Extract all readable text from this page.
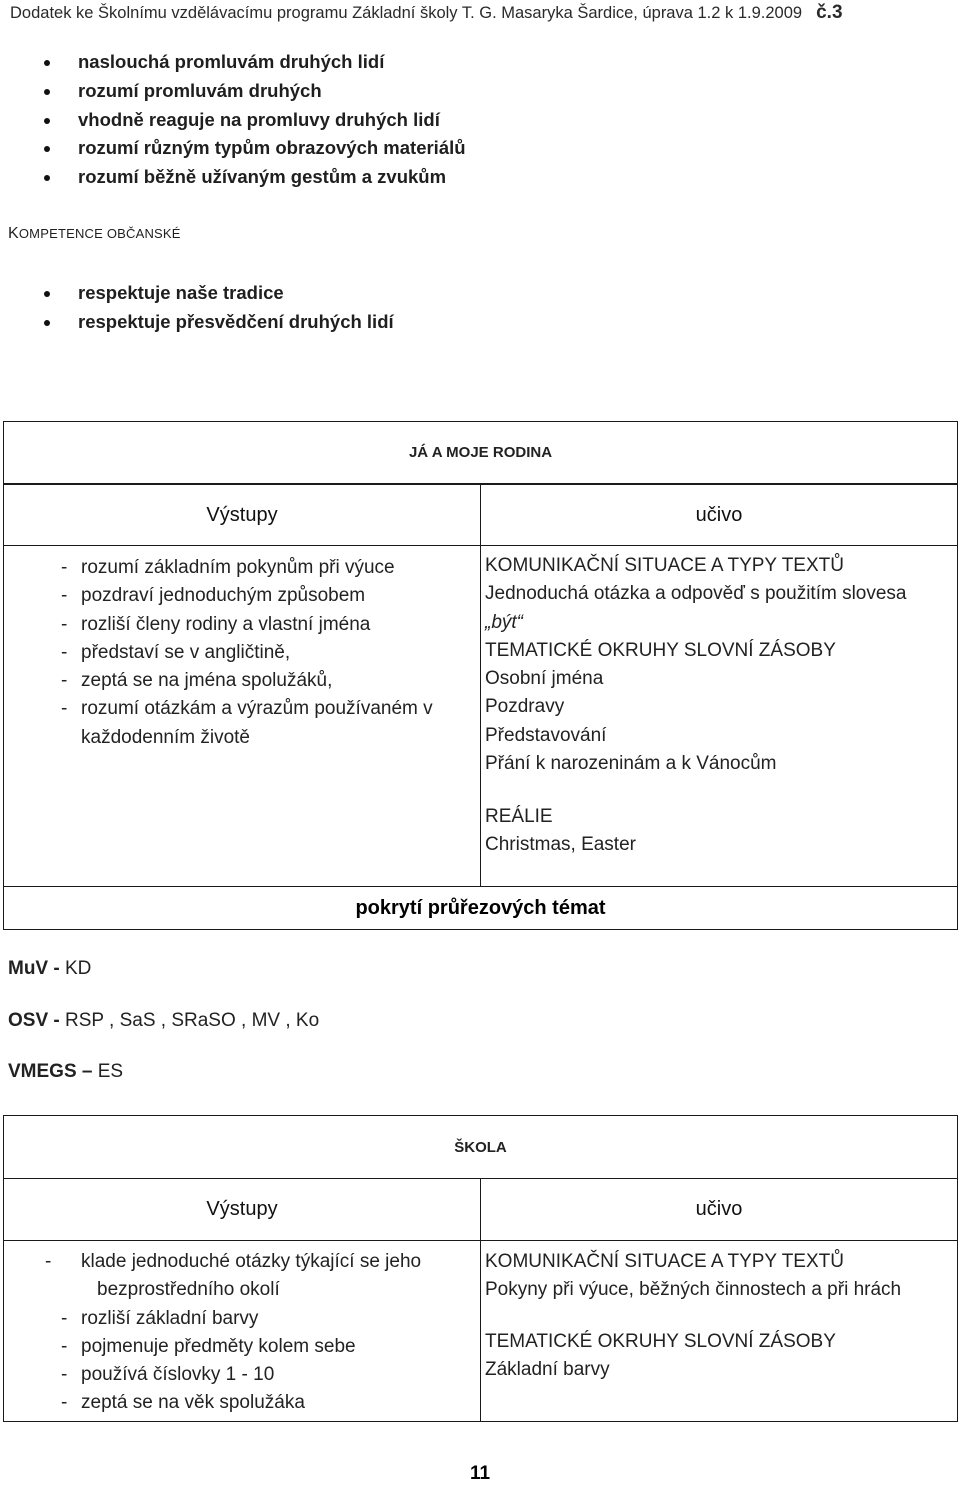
Dodatek ke Školnímu vzdělávacímu programu Základní školy T. G. Masaryka Šardice, úprava 1.2 k 1.9.2009 č.3
naslouchá promluvám druhých lidí
rozumí promluvám druhých
vhodně reaguje na promluvy druhých lidí
rozumí různým typům obrazových materiálů
rozumí běžně užívaným gestům a zvukům
KOMPETENCE OBČANSKÉ
respektuje naše tradice
respektuje přesvědčení druhých lidí
JÁ A MOJE RODINA
Výstupy	učivo
- rozumí základním pokynům při výuce
- pozdraví jednoduchým způsobem
- rozliší členy rodiny a vlastní jména
- představí se v angličtině,
- zeptá se na jména spolužáků,
- rozumí otázkám a výrazům používaném v každodenním životě
KOMUNIKAČNÍ SITUACE A TYPY TEXTŮ
Jednoduchá otázka a odpověď s použitím slovesa
„být“
TEMATICKÉ OKRUHY SLOVNÍ ZÁSOBY
Osobní jména
Pozdravy
Představování
Přání k narozeninám a k Vánocům
REÁLIE
Christmas, Easter
pokrytí průřezových témat
MuV - KD
OSV - RSP , SaS , SRaSO , MV , Ko
VMEGS – ES
ŠKOLA
Výstupy	učivo
- klade jednoduché otázky týkající se jeho bezprostředního okolí
- rozliší základní barvy
- pojmenuje předměty kolem sebe
- používá číslovky 1 - 10
- zeptá se na věk spolužáka
KOMUNIKAČNÍ SITUACE A TYPY TEXTŮ
Pokyny při výuce, běžných činnostech a při hrách
TEMATICKÉ OKRUHY SLOVNÍ ZÁSOBY
Základní barvy
11
